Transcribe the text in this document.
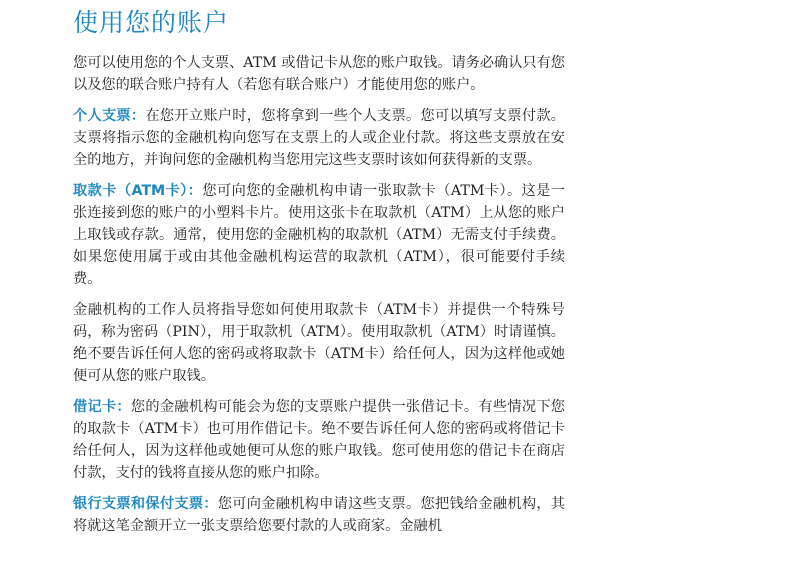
使用您的账户

您可以使用您的个人支票、ATM 或借记卡从您的账户取钱。请务必确认只有您以及您的联合账户持有人（若您有联合账户）才能使用您的账户。

个人支票：在您开立账户时，您将拿到一些个人支票。您可以填写支票付款。支票将指示您的金融机构向您写在支票上的人或企业付款。将这些支票放在安全的地方，并询问您的金融机构当您用完这些支票时该如何获得新的支票。

取款卡（ATM卡）：您可向您的金融机构申请一张取款卡（ATM卡）。这是一张连接到您的账户的小塑料卡片。使用这张卡在取款机（ATM）上从您的账户上取钱或存款。通常，使用您的金融机构的取款机（ATM）无需支付手续费。如果您使用属于或由其他金融机构运营的取款机（ATM），很可能要付手续费。

金融机构的工作人员将指导您如何使用取款卡（ATM卡）并提供一个特殊号码，称为密码（PIN），用于取款机（ATM）。使用取款机（ATM）时请谨慎。绝不要告诉任何人您的密码或将取款卡（ATM卡）给任何人，因为这样他或她便可从您的账户取钱。

借记卡：您的金融机构可能会为您的支票账户提供一张借记卡。有些情况下您的取款卡（ATM卡）也可用作借记卡。绝不要告诉任何人您的密码或将借记卡给任何人，因为这样他或她便可从您的账户取钱。您可使用您的借记卡在商店付款，支付的钱将直接从您的账户扣除。

银行支票和保付支票：您可向金融机构申请这些支票。您把钱给金融机构，其将就这笔金额开立一张支票给您要付款的人或商家。金融机
